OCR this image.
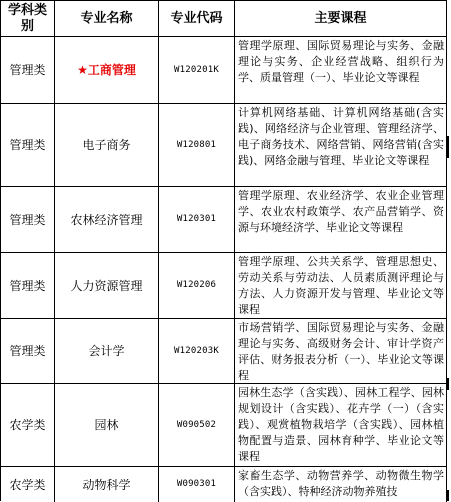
学科类别
专业名称	专业代码	主要课程
管理类	★工商管理	W120201K
管理学原理、国际贸易理论与实务、金融理论与实务、企业经营战略、组织行为学、质量管理（一）、毕业论文等课程
管理类	电子商务	W120801
计算机网络基础、计算机网络基础(含实践)、网络经济与企业管理、管理经济学、电子商务技术、网络营销、网络营销(含实践)、网络金融与管理、毕业论文等课程
管理类 农林经济管理	W120301
管理学原理、农业经济学、农业企业管理学、农业农村政策学、农产品营销学、资源与环境经济学、毕业论文等课程
管理类 人力资源管理	W120206
管理学原理、公共关系学、管理思想史、劳动关系与劳动法、人员素质测评理论与方法、人力资源开发与管理、毕业论文等课程
管理类	会计学	W120203K
市场营销学、国际贸易理论与实务、金融理论与实务、高级财务会计、审计学资产评估、财务报表分析（一）、毕业论文等课程
农学类	园林	W090502
园林生态学（含实践）、园林工程学、园林规划设计（含实践）、花卉学（一）（含实践）、观赏植物栽培学（含实践）、园林植物配置与造景、园林育种学、毕业论文等课程
农学类	动物科学	W090301
家畜生态学、动物营养学、动物微生物学（含实践）、特种经济动物养殖技
